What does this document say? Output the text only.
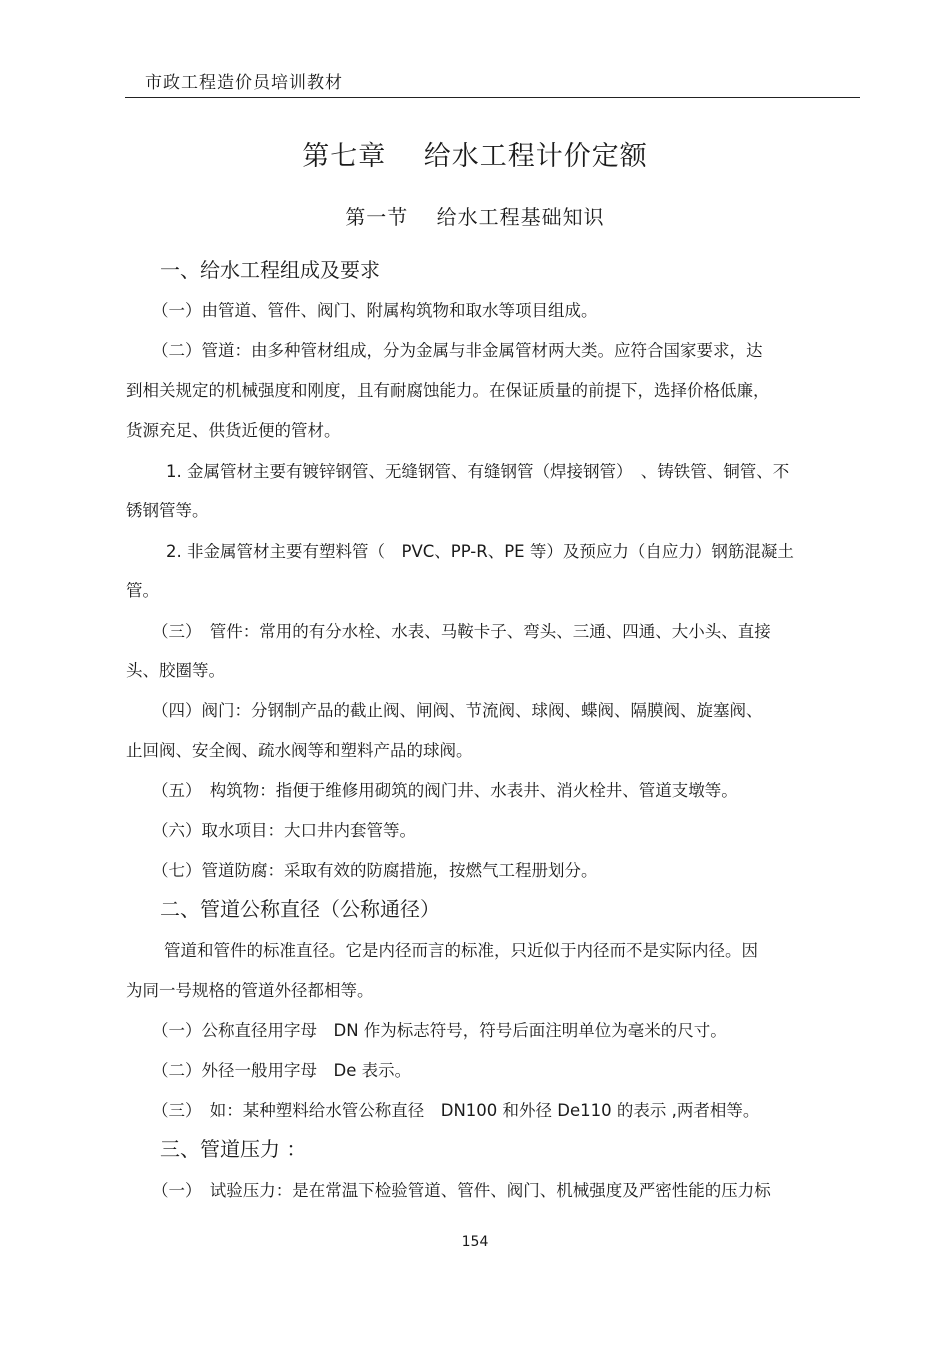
市政工程造价员培训教材
第七章　 给水工程计价定额
第一节　 给水工程基础知识
一、给水工程组成及要求
（一）由管道、管件、阀门、附属构筑物和取水等项目组成。
（二）管道：由多种管材组成，分为金属与非金属管材两大类。应符合国家要求，达
到相关规定的机械强度和刚度，且有耐腐蚀能力。在保证质量的前提下，选择价格低廉，
货源充足、供货近便的管材。
1. 金属管材主要有镀锌钢管、无缝钢管、有缝钢管（焊接钢管）　、铸铁管、铜管、不
锈钢管等。
2. 非金属管材主要有塑料管（　PVC、PP-R、PE 等）及预应力（自应力）钢筋混凝土
管。
（三）　管件：常用的有分水栓、水表、马鞍卡子、弯头、三通、四通、大小头、直接
头、胶圈等。
（四）阀门：分钢制产品的截止阀、闸阀、节流阀、球阀、蝶阀、隔膜阀、旋塞阀、
止回阀、安全阀、疏水阀等和塑料产品的球阀。
（五）　构筑物：指便于维修用砌筑的阀门井、水表井、消火栓井、管道支墩等。
（六）取水项目：大口井内套管等。
（七）管道防腐：采取有效的防腐措施，按燃气工程册划分。
二、管道公称直径（公称通径）
管道和管件的标准直径。它是内径而言的标准，只近似于内径而不是实际内径。因
为同一号规格的管道外径都相等。
（一）公称直径用字母　DN 作为标志符号，符号后面注明单位为毫米的尺寸。
（二）外径一般用字母　De 表示。
（三）　如：某种塑料给水管公称直径　DN100 和外径 De110 的表示 ,两者相等。
三、管道压力 ：
（一）　试验压力：是在常温下检验管道、管件、阀门、机械强度及严密性能的压力标
154
